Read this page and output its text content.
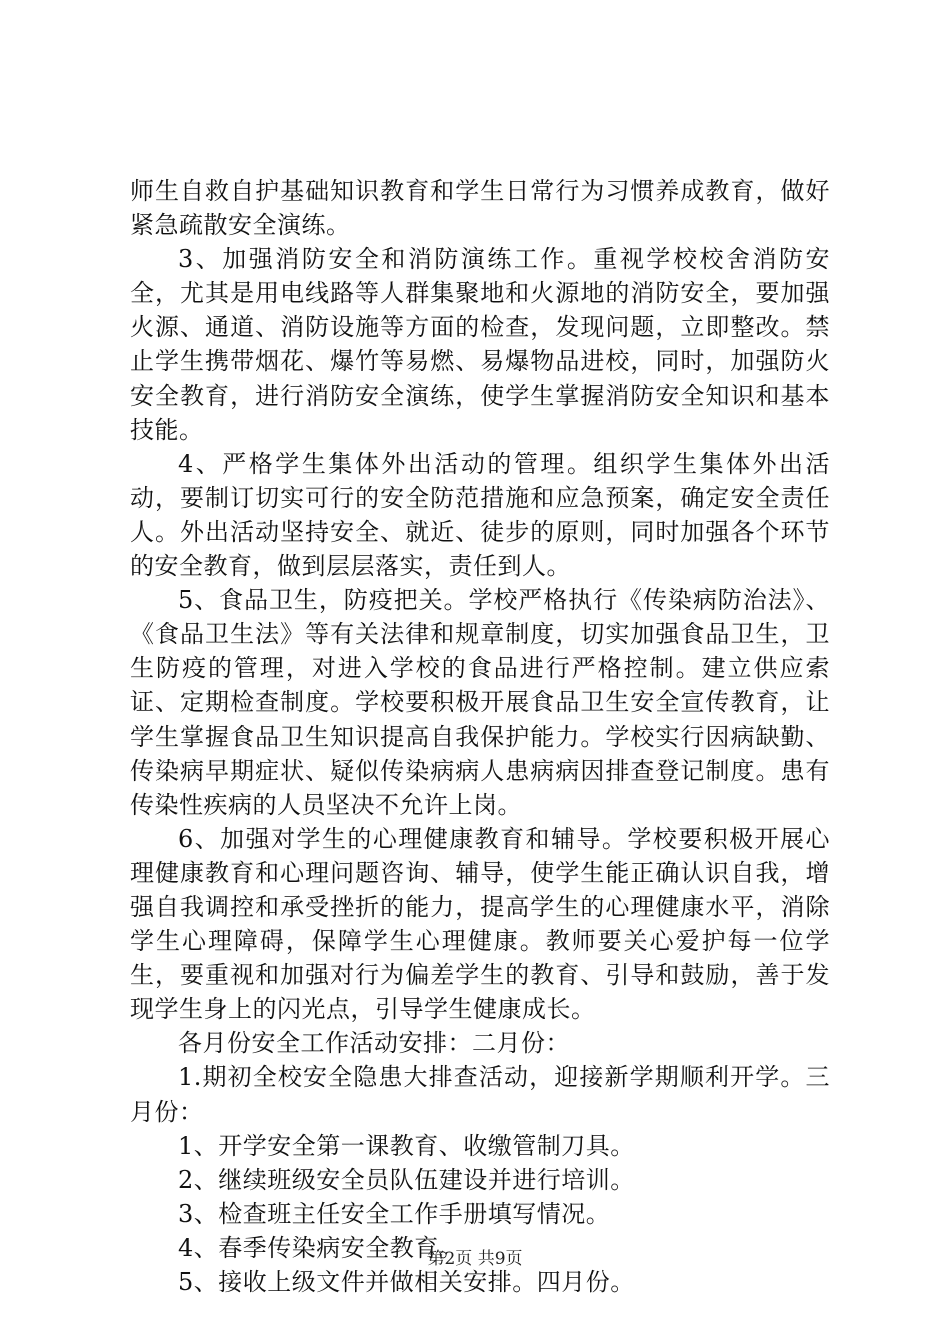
师生自救自护基础知识教育和学生日常行为习惯养成教育，做好紧急疏散安全演练。

3、加强消防安全和消防演练工作。重视学校校舍消防安全，尤其是用电线路等人群集聚地和火源地的消防安全，要加强火源、通道、消防设施等方面的检查，发现问题，立即整改。禁止学生携带烟花、爆竹等易燃、易爆物品进校，同时，加强防火安全教育，进行消防安全演练，使学生掌握消防安全知识和基本技能。

4、严格学生集体外出活动的管理。组织学生集体外出活动，要制订切实可行的安全防范措施和应急预案，确定安全责任人。外出活动坚持安全、就近、徒步的原则，同时加强各个环节的安全教育，做到层层落实，责任到人。

5、食品卫生，防疫把关。学校严格执行《传染病防治法》、《食品卫生法》等有关法律和规章制度，切实加强食品卫生，卫生防疫的管理，对进入学校的食品进行严格控制。建立供应索证、定期检查制度。学校要积极开展食品卫生安全宣传教育，让学生掌握食品卫生知识提高自我保护能力。学校实行因病缺勤、传染病早期症状、疑似传染病病人患病病因排查登记制度。患有传染性疾病的人员坚决不允许上岗。

6、加强对学生的心理健康教育和辅导。学校要积极开展心理健康教育和心理问题咨询、辅导，使学生能正确认识自我，增强自我调控和承受挫折的能力，提高学生的心理健康水平，消除学生心理障碍，保障学生心理健康。教师要关心爱护每一位学生，要重视和加强对行为偏差学生的教育、引导和鼓励，善于发现学生身上的闪光点，引导学生健康成长。

各月份安全工作活动安排：二月份：

1.期初全校安全隐患大排查活动，迎接新学期顺利开学。三月份：

1、开学安全第一课教育、收缴管制刀具。

2、继续班级安全员队伍建设并进行培训。

3、检查班主任安全工作手册填写情况。

4、春季传染病安全教育。

5、接收上级文件并做相关安排。四月份。

第2页 共9页
